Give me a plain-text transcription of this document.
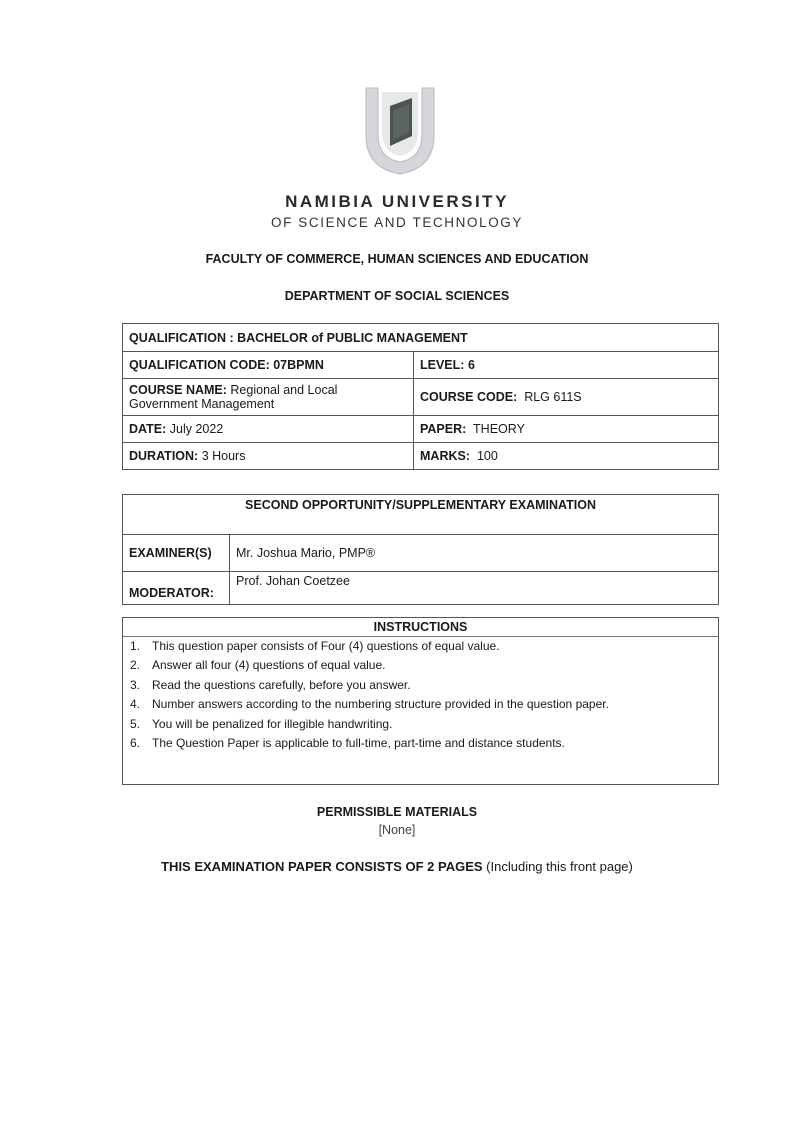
NAMIBIA UNIVERSITY
OF SCIENCE AND TECHNOLOGY
FACULTY OF COMMERCE, HUMAN SCIENCES AND EDUCATION
DEPARTMENT OF SOCIAL SCIENCES
QUALIFICATION : BACHELOR of PUBLIC MANAGEMENT	
QUALIFICATION CODE: 07BPMN	LEVEL: 6
COURSE NAME: Regional and Local Government Management	COURSE CODE: RLG 611S
DATE: July 2022	PAPER: THEORY
DURATION: 3 Hours	MARKS: 100
SECOND OPPORTUNITY/SUPPLEMENTARY EXAMINATION	
EXAMINER(S)	Mr. Joshua Mario, PMP®
MODERATOR:	Prof. Johan Coetzee
INSTRUCTIONS
1. This question paper consists of Four (4) questions of equal value.
2. Answer all four (4) questions of equal value.
3. Read the questions carefully, before you answer.
4. Number answers according to the numbering structure provided in the question paper.
5. You will be penalized for illegible handwriting.
6. The Question Paper is applicable to full-time, part-time and distance students.
PERMISSIBLE MATERIALS
[None]
THIS EXAMINATION PAPER CONSISTS OF 2 PAGES (Including this front page)
